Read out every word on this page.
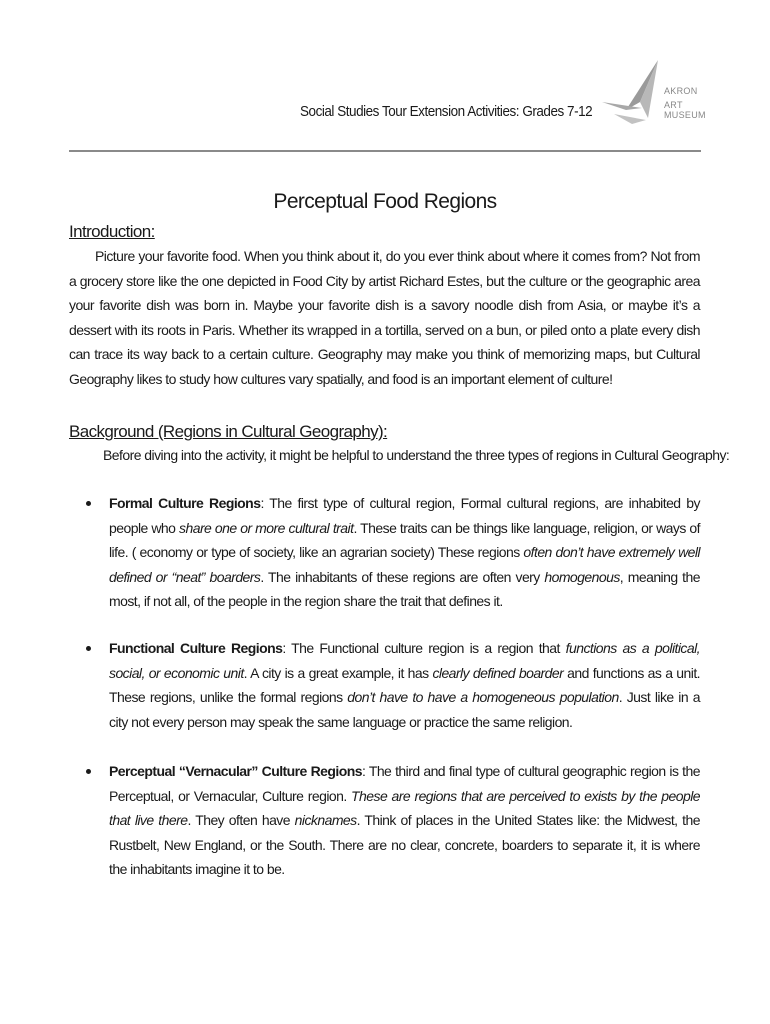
Social Studies Tour Extension Activities: Grades 7-12
AKRON
ART
MUSEUM
Perceptual Food Regions
Introduction:

Picture your favorite food. When you think about it, do you ever think about where it comes from? Not from a grocery store like the one depicted in Food City by artist Richard Estes, but the culture or the geographic area your favorite dish was born in. Maybe your favorite dish is a savory noodle dish from Asia, or maybe it’s a dessert with its roots in Paris. Whether its wrapped in a tortilla, served on a bun, or piled onto a plate every dish can trace its way back to a certain culture. Geography may make you think of memorizing maps, but Cultural Geography likes to study how cultures vary spatially, and food is an important element of culture!

Background (Regions in Cultural Geography):
Before diving into the activity, it might be helpful to understand the three types of regions in Cultural Geography:

Formal Culture Regions: The first type of cultural region, Formal cultural regions, are inhabited by people who share one or more cultural trait. These traits can be things like language, religion, or ways of life. ( economy or type of society, like an agrarian society) These regions often don’t have extremely well defined or “neat” boarders. The inhabitants of these regions are often very homogenous, meaning the most, if not all, of the people in the region share the trait that defines it.

Functional Culture Regions: The Functional culture region is a region that functions as a political, social, or economic unit. A city is a great example, it has clearly defined boarder and functions as a unit. These regions, unlike the formal regions don’t have to have a homogeneous population. Just like in a city not every person may speak the same language or practice the same religion.

Perceptual “Vernacular” Culture Regions: The third and final type of cultural geographic region is the Perceptual, or Vernacular, Culture region. These are regions that are perceived to exists by the people that live there. They often have nicknames. Think of places in the United States like: the Midwest, the Rustbelt, New England, or the South. There are no clear, concrete, boarders to separate it, it is where the inhabitants imagine it to be.
